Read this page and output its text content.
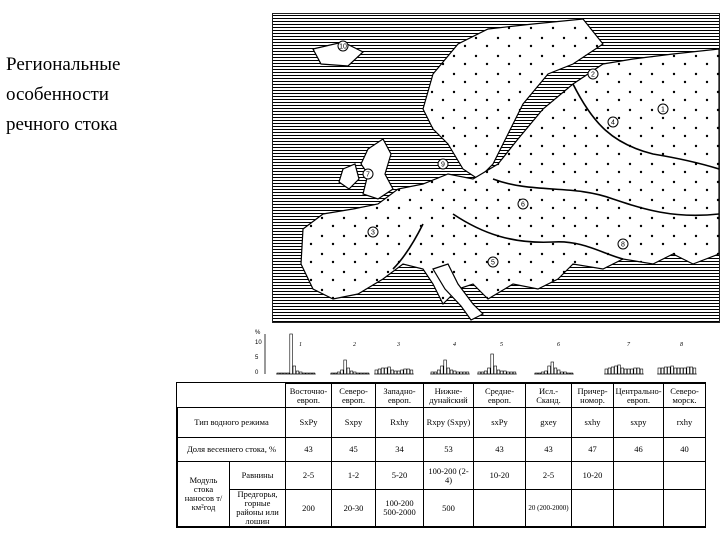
Региональные
особенности
речного стока
10
2
4
3
5
6
7
8
9
1
%
10
5
0
1	2	3	4	5	6	7	8
		Восточно-европ.	Северо-европ.	Западно-европ.	Нижне-дунайский	Средне-европ.	Исл.-Сканд.	Причер-номор.	Центрально-европ.	Северо-морск.
Тип водного режима		SxPy	Sxpy	Rxhy	Rxpy (Sxpy)	sxPy	gxey	sxhy	sxpy	rxhy
Доля весеннего стока, %		43	45	34	53	43	43	47	46	40
Модуль стока наносов т/км²год	Равнины	2-5	1-2	5-20	100-200 (2-4)	10-20	2-5	10-20		
	Предгорья, горные районы или лошин	200	20-30	100-200 500-2000	500		20 (200-2000)			
